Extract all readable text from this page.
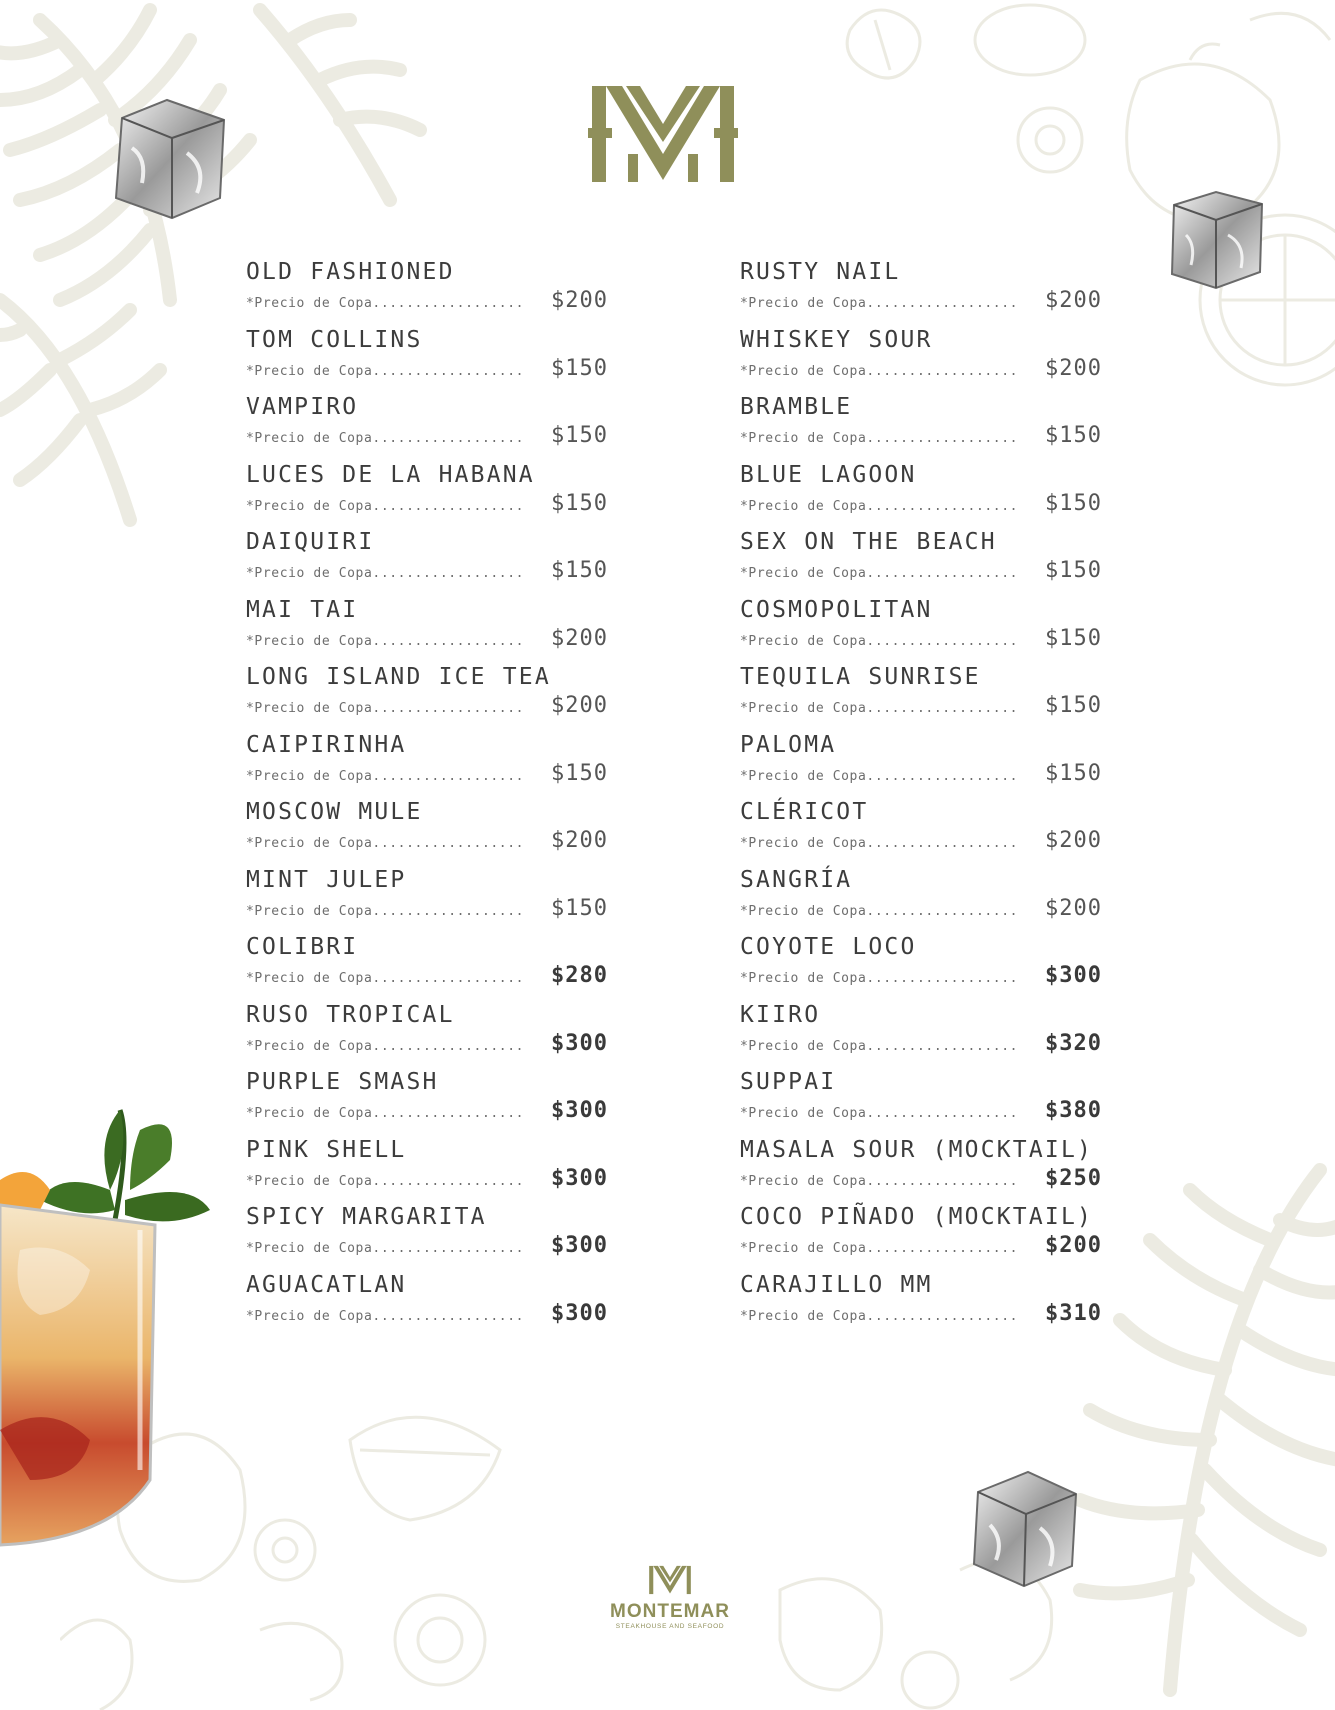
OLD FASHIONED
*Precio de Copa..................	$200
TOM COLLINS
*Precio de Copa..................	$150
VAMPIRO
*Precio de Copa..................	$150
LUCES DE LA HABANA
*Precio de Copa..................	$150
DAIQUIRI
*Precio de Copa..................	$150
MAI TAI
*Precio de Copa..................	$200
LONG ISLAND ICE TEA
*Precio de Copa..................	$200
CAIPIRINHA
*Precio de Copa..................	$150
MOSCOW MULE
*Precio de Copa..................	$200
MINT JULEP
*Precio de Copa..................	$150
COLIBRI
*Precio de Copa..................	$280
RUSO TROPICAL
*Precio de Copa..................	$300
PURPLE SMASH
*Precio de Copa..................	$300
PINK SHELL
*Precio de Copa..................	$300
SPICY MARGARITA
*Precio de Copa..................	$300
AGUACATLAN
*Precio de Copa..................	$300
RUSTY NAIL
*Precio de Copa..................	$200
WHISKEY SOUR
*Precio de Copa..................	$200
BRAMBLE
*Precio de Copa..................	$150
BLUE LAGOON
*Precio de Copa..................	$150
SEX ON THE BEACH
*Precio de Copa..................	$150
COSMOPOLITAN
*Precio de Copa..................	$150
TEQUILA SUNRISE
*Precio de Copa..................	$150
PALOMA
*Precio de Copa..................	$150
CLÉRICOT
*Precio de Copa..................	$200
SANGRÍA
*Precio de Copa..................	$200
COYOTE LOCO
*Precio de Copa..................	$300
KIIRO
*Precio de Copa..................	$320
SUPPAI
*Precio de Copa..................	$380
MASALA SOUR (MOCKTAIL)
*Precio de Copa..................	$250
COCO PIÑADO (MOCKTAIL)
*Precio de Copa..................	$200
CARAJILLO MM
*Precio de Copa..................	$310
MONTEMAR
STEAKHOUSE AND SEAFOOD
